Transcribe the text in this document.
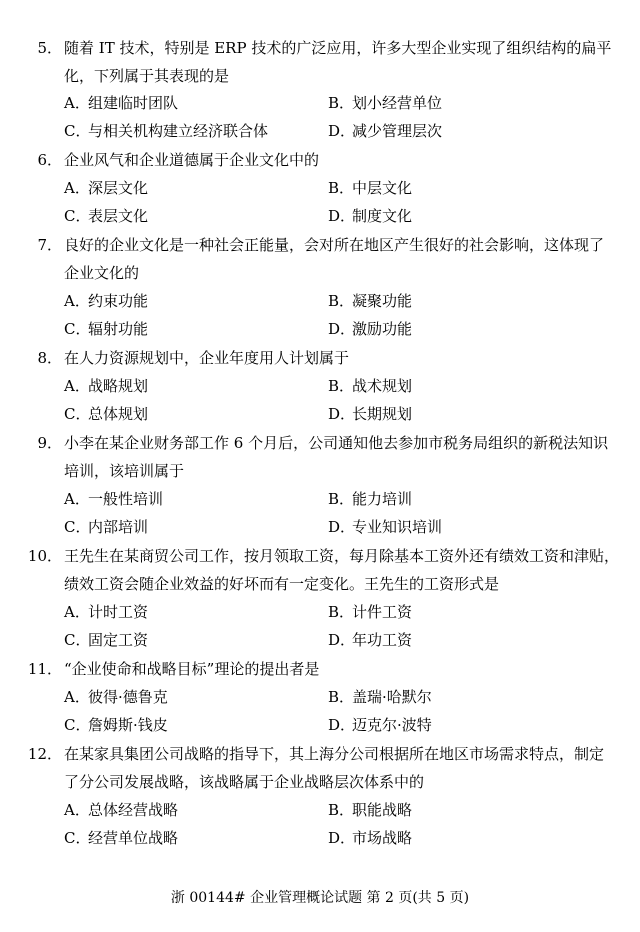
5． 随着 IT 技术，特别是 ERP 技术的广泛应用，许多大型企业实现了组织结构的扁平
化，下列属于其表现的是
A．组建临时团队	B．划小经营单位
C．与相关机构建立经济联合体	D．减少管理层次
6． 企业风气和企业道德属于企业文化中的
A．深层文化	B．中层文化
C．表层文化	D．制度文化
7． 良好的企业文化是一种社会正能量，会对所在地区产生很好的社会影响，这体现了
企业文化的
A．约束功能	B．凝聚功能
C．辐射功能	D．激励功能
8． 在人力资源规划中，企业年度用人计划属于
A．战略规划	B．战术规划
C．总体规划	D．长期规划
9． 小李在某企业财务部工作 6 个月后，公司通知他去参加市税务局组织的新税法知识
培训，该培训属于
A．一般性培训	B．能力培训
C．内部培训	D．专业知识培训
10． 王先生在某商贸公司工作，按月领取工资，每月除基本工资外还有绩效工资和津贴，
绩效工资会随企业效益的好坏而有一定变化。王先生的工资形式是
A．计时工资	B．计件工资
C．固定工资	D．年功工资
11． “企业使命和战略目标”理论的提出者是
A．彼得·德鲁克	B．盖瑞·哈默尔
C．詹姆斯·钱皮	D．迈克尔·波特
12． 在某家具集团公司战略的指导下，其上海分公司根据所在地区市场需求特点，制定
了分公司发展战略，该战略属于企业战略层次体系中的
A．总体经营战略	B．职能战略
C．经营单位战略	D．市场战略
浙 00144# 企业管理概论试题 第 2 页(共 5 页)
